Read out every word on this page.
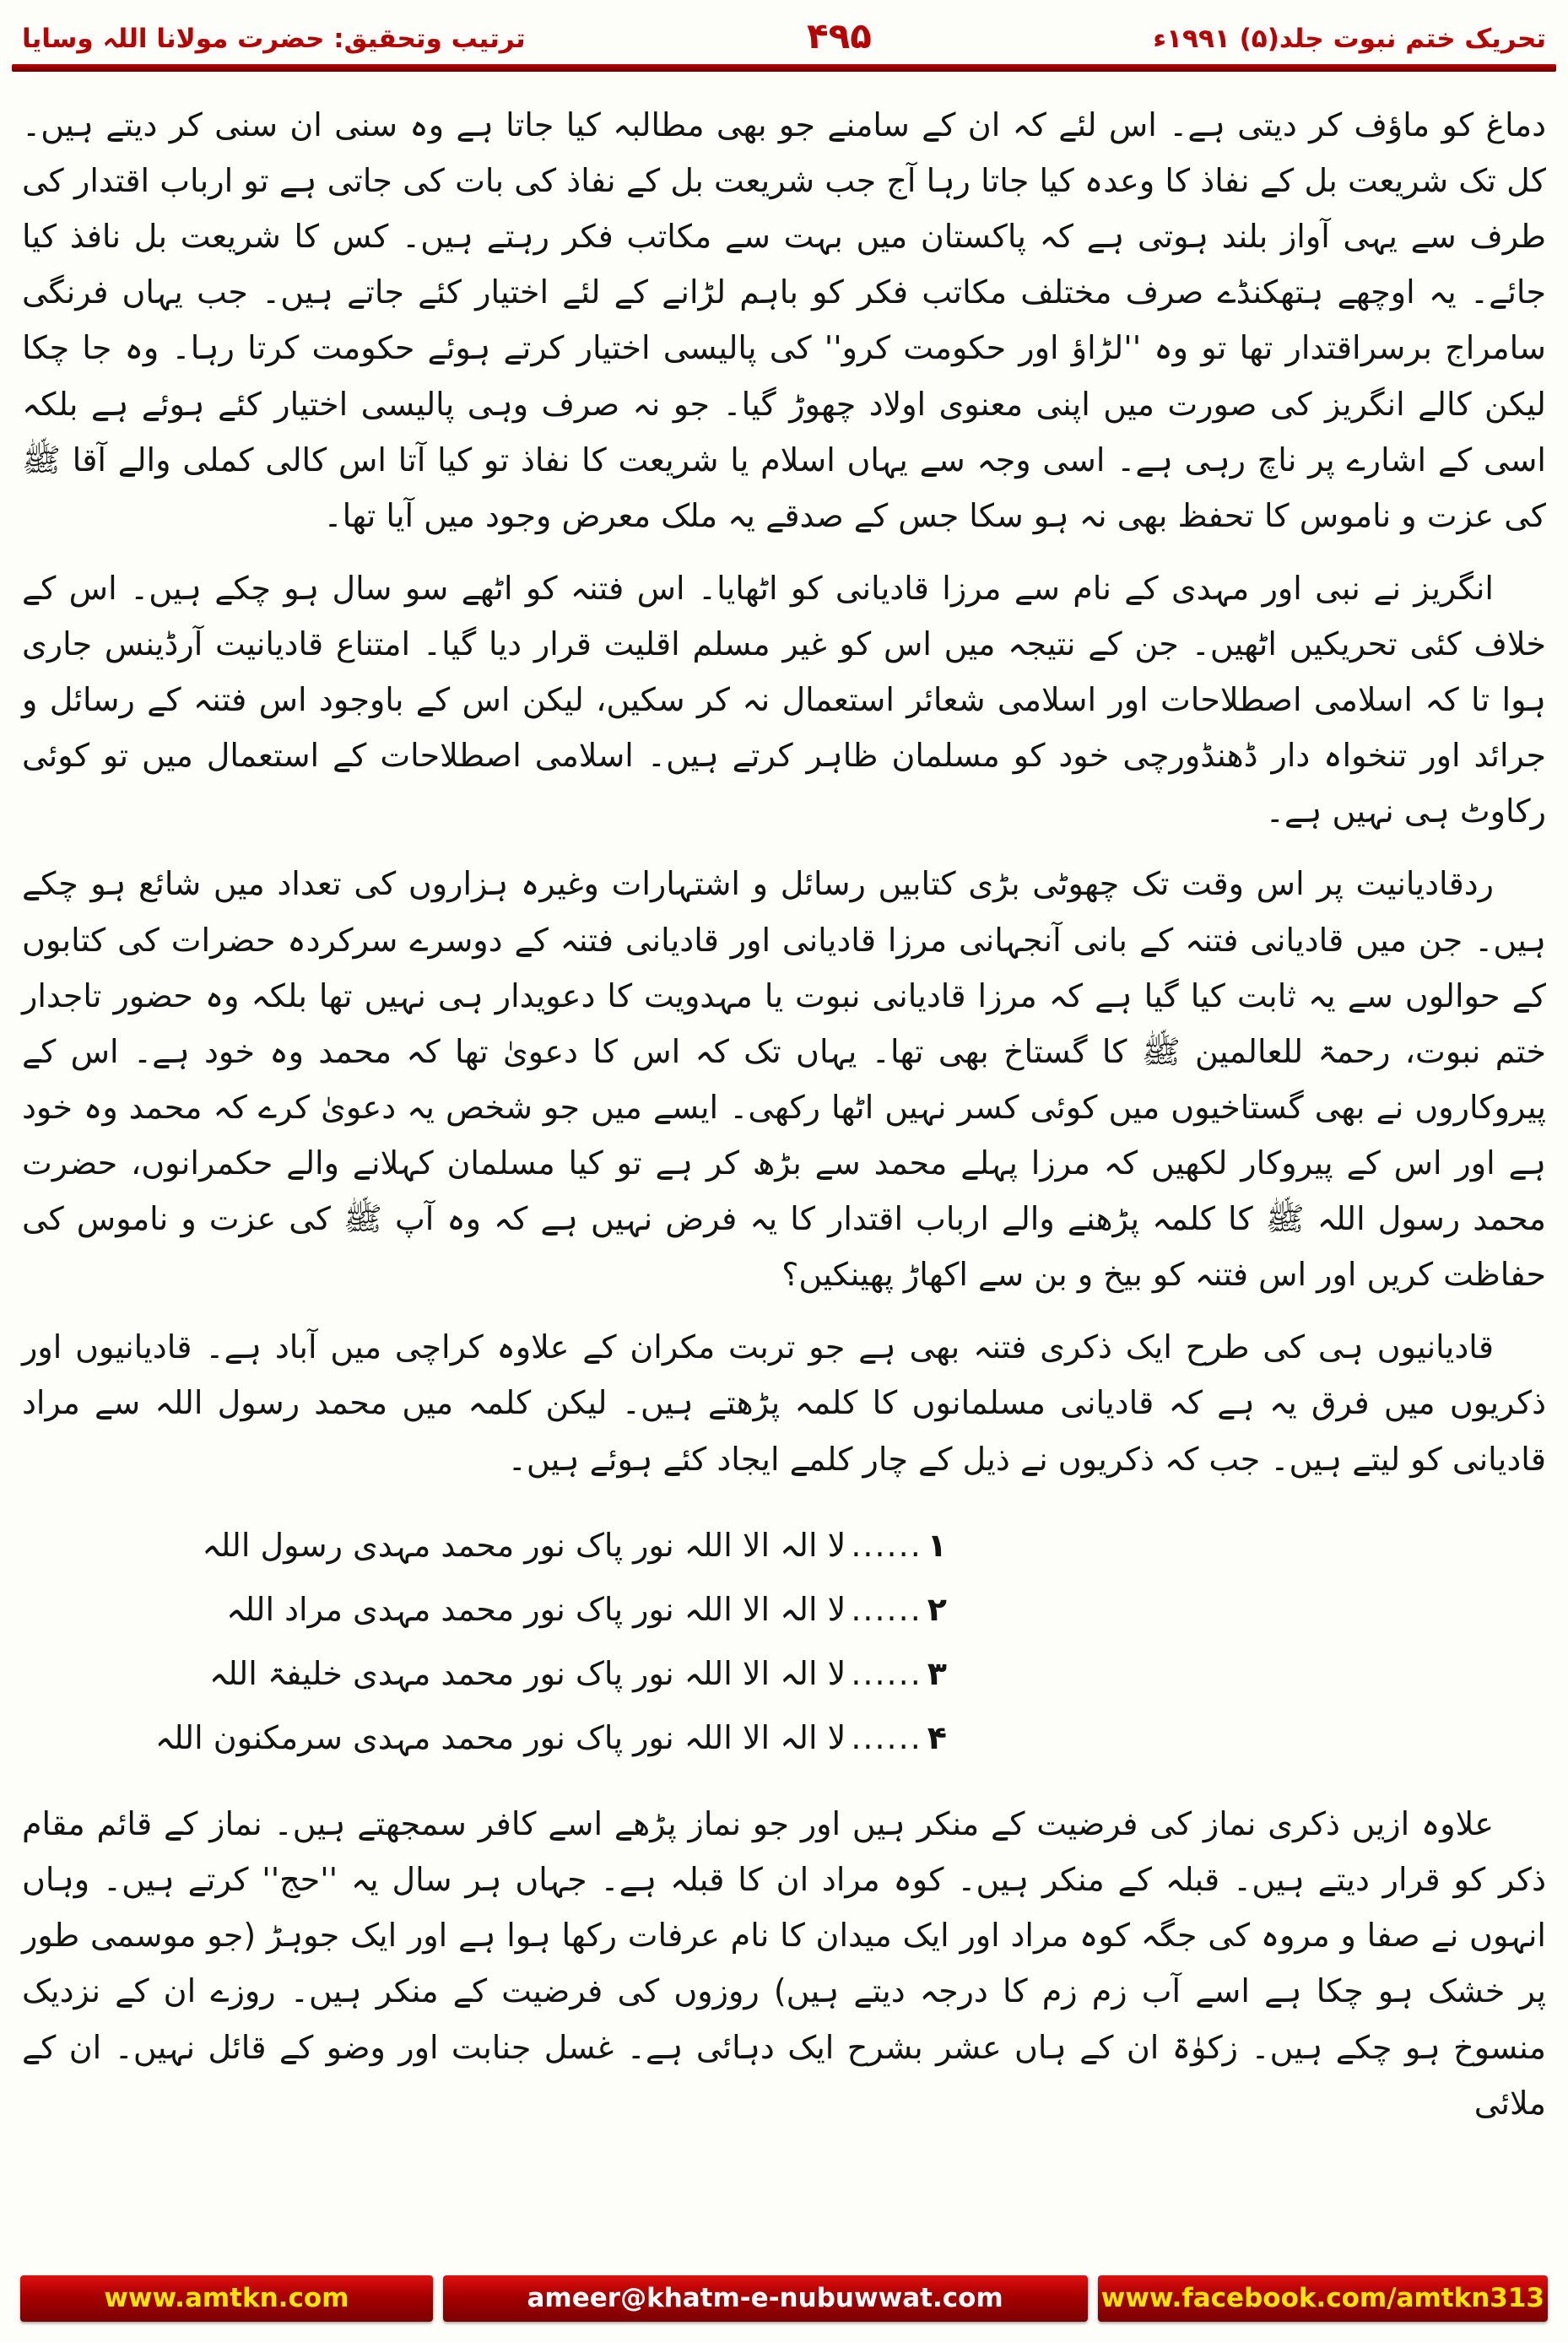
تحریک ختم نبوت جلد(۵) ۱۹۹۱ء
۴۹۵
ترتیب وتحقیق: حضرت مولانا اللہ وسایا

دماغ کو ماؤف کر دیتی ہے۔ اس لئے کہ ان کے سامنے جو بھی مطالبہ کیا جاتا ہے وہ سنی ان سنی کر دیتے ہیں۔ کل تک شریعت بل کے نفاذ کا وعدہ کیا جاتا رہا آج جب شریعت بل کے نفاذ کی بات کی جاتی ہے تو ارباب اقتدار کی طرف سے یہی آواز بلند ہوتی ہے کہ پاکستان میں بہت سے مکاتب فکر رہتے ہیں۔ کس کا شریعت بل نافذ کیا جائے۔ یہ اوچھے ہتھکنڈے صرف مختلف مکاتب فکر کو باہم لڑانے کے لئے اختیار کئے جاتے ہیں۔ جب یہاں فرنگی سامراج برسراقتدار تھا تو وہ ''لڑاؤ اور حکومت کرو'' کی پالیسی اختیار کرتے ہوئے حکومت کرتا رہا۔ وہ جا چکا لیکن کالے انگریز کی صورت میں اپنی معنوی اولاد چھوڑ گیا۔ جو نہ صرف وہی پالیسی اختیار کئے ہوئے ہے بلکہ اسی کے اشارے پر ناچ رہی ہے۔ اسی وجہ سے یہاں اسلام یا شریعت کا نفاذ تو کیا آتا اس کالی کملی والے آقا ﷺ کی عزت و ناموس کا تحفظ بھی نہ ہو سکا جس کے صدقے یہ ملک معرض وجود میں آیا تھا۔

انگریز نے نبی اور مہدی کے نام سے مرزا قادیانی کو اٹھایا۔ اس فتنہ کو اٹھے سو سال ہو چکے ہیں۔ اس کے خلاف کئی تحریکیں اٹھیں۔ جن کے نتیجہ میں اس کو غیر مسلم اقلیت قرار دیا گیا۔ امتناع قادیانیت آرڈینس جاری ہوا تا کہ اسلامی اصطلاحات اور اسلامی شعائر استعمال نہ کر سکیں، لیکن اس کے باوجود اس فتنہ کے رسائل و جرائد اور تنخواہ دار ڈھنڈورچی خود کو مسلمان ظاہر کرتے ہیں۔ اسلامی اصطلاحات کے استعمال میں تو کوئی رکاوٹ ہی نہیں ہے۔

ردقادیانیت پر اس وقت تک چھوٹی بڑی کتابیں رسائل و اشتہارات وغیرہ ہزاروں کی تعداد میں شائع ہو چکے ہیں۔ جن میں قادیانی فتنہ کے بانی آنجہانی مرزا قادیانی اور قادیانی فتنہ کے دوسرے سرکردہ حضرات کی کتابوں کے حوالوں سے یہ ثابت کیا گیا ہے کہ مرزا قادیانی نبوت یا مہدویت کا دعویدار ہی نہیں تھا بلکہ وہ حضور تاجدار ختم نبوت، رحمۃ للعالمین ﷺ کا گستاخ بھی تھا۔ یہاں تک کہ اس کا دعویٰ تھا کہ محمد وہ خود ہے۔ اس کے پیروکاروں نے بھی گستاخیوں میں کوئی کسر نہیں اٹھا رکھی۔ ایسے میں جو شخص یہ دعویٰ کرے کہ محمد وہ خود ہے اور اس کے پیروکار لکھیں کہ مرزا پہلے محمد سے بڑھ کر ہے تو کیا مسلمان کہلانے والے حکمرانوں، حضرت محمد رسول اللہ ﷺ کا کلمہ پڑھنے والے ارباب اقتدار کا یہ فرض نہیں ہے کہ وہ آپ ﷺ کی عزت و ناموس کی حفاظت کریں اور اس فتنہ کو بیخ و بن سے اکھاڑ پھینکیں؟

قادیانیوں ہی کی طرح ایک ذکری فتنہ بھی ہے جو تربت مکران کے علاوہ کراچی میں آباد ہے۔ قادیانیوں اور ذکریوں میں فرق یہ ہے کہ قادیانی مسلمانوں کا کلمہ پڑھتے ہیں۔ لیکن کلمہ میں محمد رسول اللہ سے مراد قادیانی کو لیتے ہیں۔ جب کہ ذکریوں نے ذیل کے چار کلمے ایجاد کئے ہوئے ہیں۔

۱
......
لا الہ الا اللہ نور پاک نور محمد مہدی رسول اللہ
۲
......
لا الہ الا اللہ نور پاک نور محمد مہدی مراد اللہ
۳
......
لا الہ الا اللہ نور پاک نور محمد مہدی خلیفۃ اللہ
۴
......
لا الہ الا اللہ نور پاک نور محمد مہدی سرمکنون اللہ

علاوہ ازیں ذکری نماز کی فرضیت کے منکر ہیں اور جو نماز پڑھے اسے کافر سمجھتے ہیں۔ نماز کے قائم مقام ذکر کو قرار دیتے ہیں۔ قبلہ کے منکر ہیں۔ کوہ مراد ان کا قبلہ ہے۔ جہاں ہر سال یہ ''حج'' کرتے ہیں۔ وہاں انہوں نے صفا و مروہ کی جگہ کوہ مراد اور ایک میدان کا نام عرفات رکھا ہوا ہے اور ایک جوہڑ (جو موسمی طور پر خشک ہو چکا ہے اسے آب زم زم کا درجہ دیتے ہیں) روزوں کی فرضیت کے منکر ہیں۔ روزے ان کے نزدیک منسوخ ہو چکے ہیں۔ زکوٰۃ ان کے ہاں عشر بشرح ایک دہائی ہے۔ غسل جنابت اور وضو کے قائل نہیں۔ ان کے ملائی

www.amtkn.com	ameer@khatm-e-nubuwwat.com	www.facebook.com/amtkn313
